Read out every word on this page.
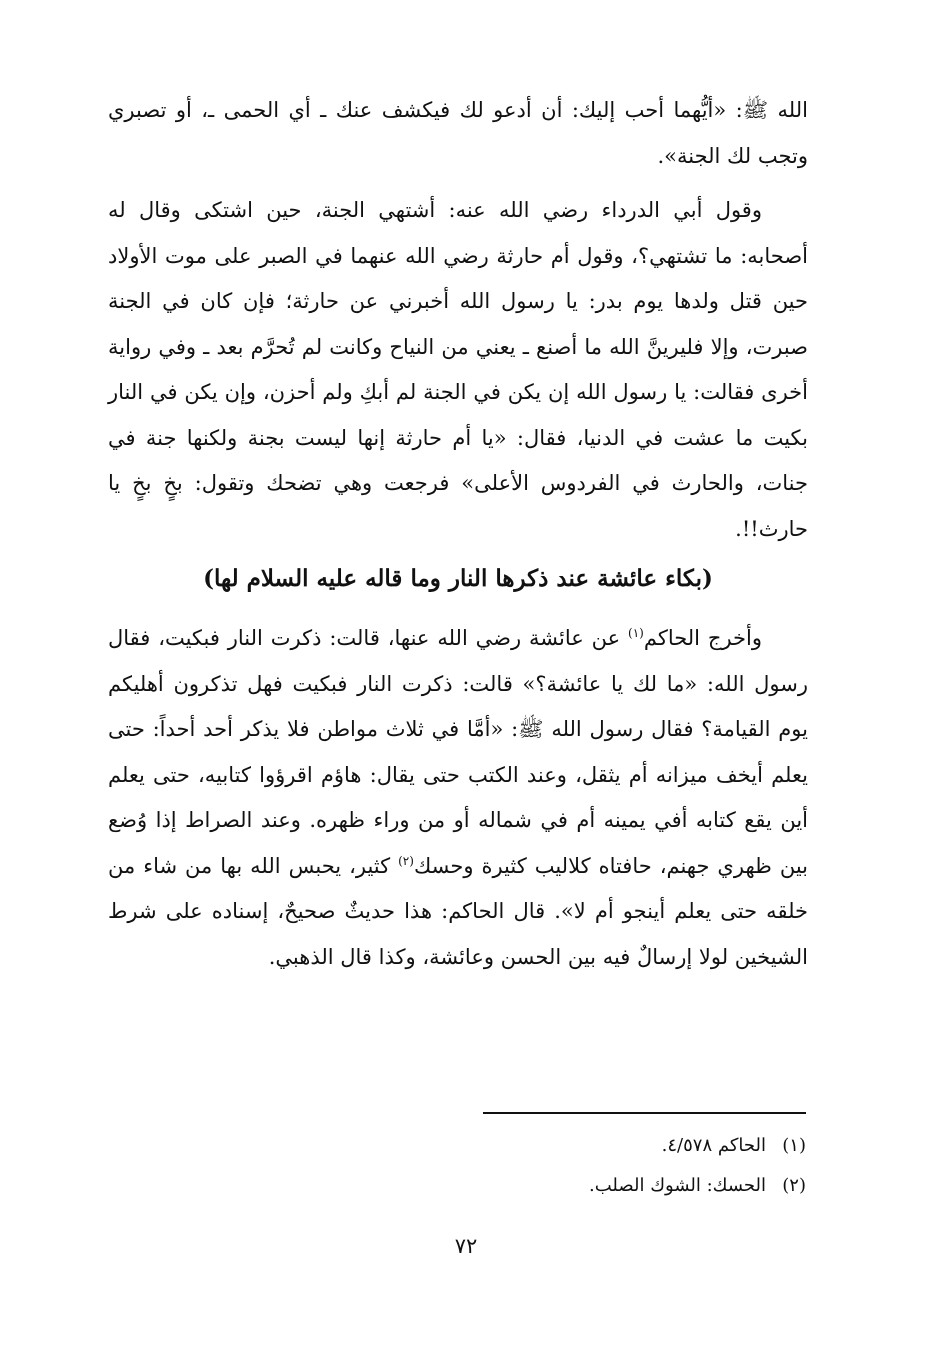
الله ﷺ: «أيُّهما أحب إليك: أن أدعو لك فيكشف عنك ـ أي الحمى ـ، أو تصبري وتجب لك الجنة».

وقول أبي الدرداء رضي الله عنه: أشتهي الجنة، حين اشتكى وقال له أصحابه: ما تشتهي؟، وقول أم حارثة رضي الله عنهما في الصبر على موت الأولاد حين قتل ولدها يوم بدر: يا رسول الله أخبرني عن حارثة؛ فإن كان في الجنة صبرت، وإلا فليرينَّ الله ما أصنع ـ يعني من النياح وكانت لم تُحرَّم بعد ـ وفي رواية أخرى فقالت: يا رسول الله إن يكن في الجنة لم أبكِ ولم أحزن، وإن يكن في النار بكيت ما عشت في الدنيا، فقال: «يا أم حارثة إنها ليست بجنة ولكنها جنة في جنات، والحارث في الفردوس الأعلى» فرجعت وهي تضحك وتقول: بخٍ بخٍ يا حارث!!.

(بكاء عائشة عند ذكرها النار وما قاله عليه السلام لها)

وأخرج الحاكم$^{(١)}$ عن عائشة رضي الله عنها، قالت: ذكرت النار فبكيت، فقال رسول الله: «ما لك يا عائشة؟» قالت: ذكرت النار فبكيت فهل تذكرون أهليكم يوم القيامة؟ فقال رسول الله ﷺ: «أمَّا في ثلاث مواطن فلا يذكر أحد أحداً: حتى يعلم أيخف ميزانه أم يثقل، وعند الكتب حتى يقال: هاؤم اقرؤوا كتابيه، حتى يعلم أين يقع كتابه أفي يمينه أم في شماله أو من وراء ظهره. وعند الصراط إذا وُضع بين ظهري جهنم، حافتاه كلاليب كثيرة وحسك$^{(٢)}$ كثير، يحبس الله بها من شاء من خلقه حتى يعلم أينجو أم لا». قال الحاكم: هذا حديثٌ صحيحٌ، إسناده على شرط الشيخين لولا إرسالٌ فيه بين الحسن وعائشة، وكذا قال الذهبي.

(١)
الحاكم ٤/٥٧٨.
(٢)
الحسك: الشوك الصلب.
٧٢
